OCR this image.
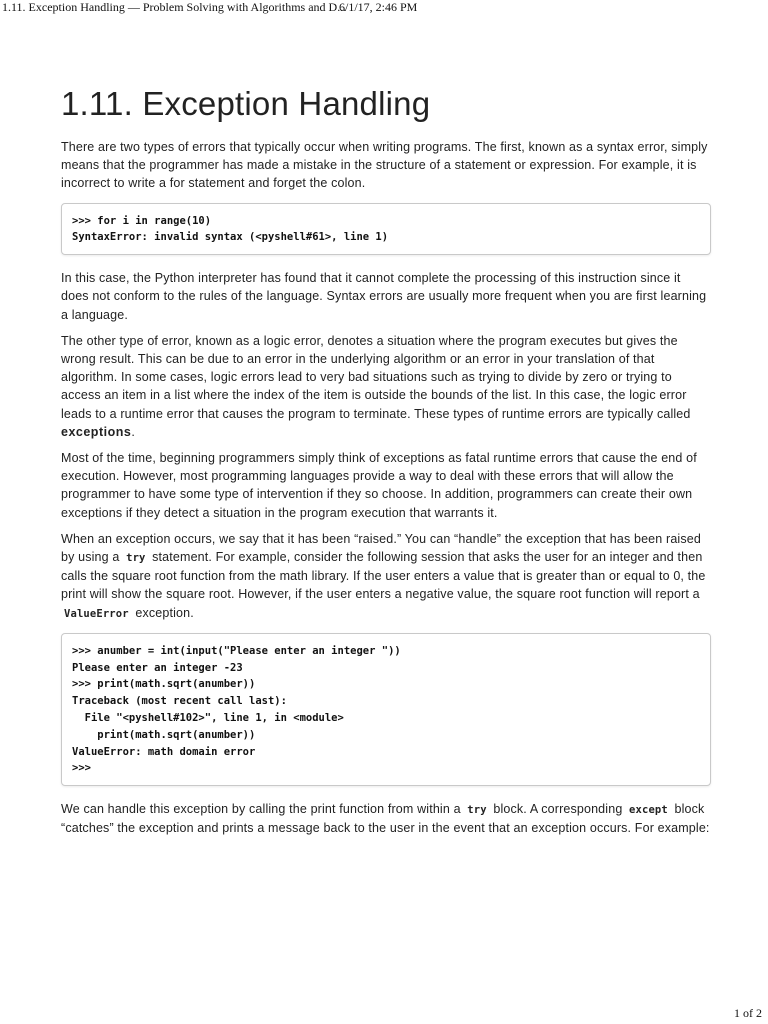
1.11. Exception Handling — Problem Solving with Algorithms and D...
6/1/17, 2:46 PM
1.11. Exception Handling

There are two types of errors that typically occur when writing programs. The first, known as a syntax error, simply means that the programmer has made a mistake in the structure of a statement or expression. For example, it is incorrect to write a for statement and forget the colon.

>>> for i in range(10)
SyntaxError: invalid syntax (<pyshell#61>, line 1)

In this case, the Python interpreter has found that it cannot complete the processing of this instruction since it does not conform to the rules of the language. Syntax errors are usually more frequent when you are first learning a language.

The other type of error, known as a logic error, denotes a situation where the program executes but gives the wrong result. This can be due to an error in the underlying algorithm or an error in your translation of that algorithm. In some cases, logic errors lead to very bad situations such as trying to divide by zero or trying to access an item in a list where the index of the item is outside the bounds of the list. In this case, the logic error leads to a runtime error that causes the program to terminate. These types of runtime errors are typically called exceptions.

Most of the time, beginning programmers simply think of exceptions as fatal runtime errors that cause the end of execution. However, most programming languages provide a way to deal with these errors that will allow the programmer to have some type of intervention if they so choose. In addition, programmers can create their own exceptions if they detect a situation in the program execution that warrants it.

When an exception occurs, we say that it has been “raised.” You can “handle” the exception that has been raised by using a try statement. For example, consider the following session that asks the user for an integer and then calls the square root function from the math library. If the user enters a value that is greater than or equal to 0, the print will show the square root. However, if the user enters a negative value, the square root function will report a ValueError exception.

>>> anumber = int(input("Please enter an integer "))
Please enter an integer -23
>>> print(math.sqrt(anumber))
Traceback (most recent call last):
File "<pyshell#102>", line 1, in <module>
print(math.sqrt(anumber))
ValueError: math domain error
>>>

We can handle this exception by calling the print function from within a try block. A corresponding except block “catches” the exception and prints a message back to the user in the event that an exception occurs. For example:

1 of 2
